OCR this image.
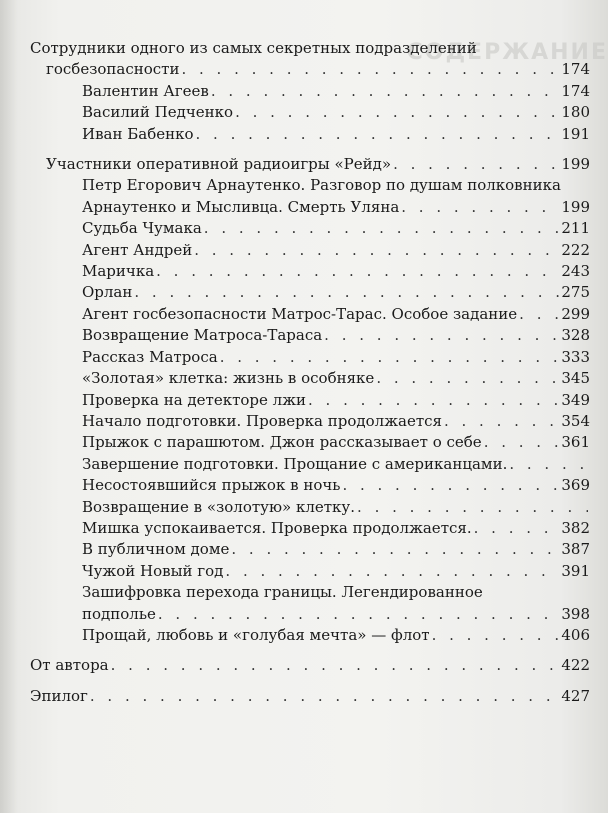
СОДЕРЖАНИЕ
Сотрудники одного из самых секретных подразделений
госбезопасности . . .	174
Валентин Агеев . . .	174
Василий Педченко . . .	180
Иван Бабенко . . .	191
Участники оперативной радиоигры «Рейд» . . .	199
Петр Егорович Арнаутенко. Разговор по душам полковника
Арнаутенко и Мысливца. Смерть Уляна . . .	199
Судьба Чумака . . .	211
Агент Андрей . . .	222
Маричка . . .	243
Орлан . . .	275
Агент госбезопасности Матрос-Тарас. Особое задание . . .	299
Возвращение Матроса-Тараса . . .	328
Рассказ Матроса . . .	333
«Золотая» клетка: жизнь в особняке . . .	345
Проверка на детекторе лжи . . .	349
Начало подготовки. Проверка продолжается . . .	354
Прыжок с парашютом. Джон рассказывает о себе . . .	361
Завершение подготовки. Прощание с американцами.
. . .
Несостоявшийся прыжок в ночь . . .	369
Возвращение в «золотую» клетку.
. . .
Мишка успокаивается. Проверка продолжается. . . .	382
В публичном доме . . .	387
Чужой Новый год . . .	391
Зашифровка перехода границы. Легендированное
подполье . . .	398
Прощай, любовь и «голубая мечта» — флот . . .	406
От автора . . .	422
Эпилог . . .	427
